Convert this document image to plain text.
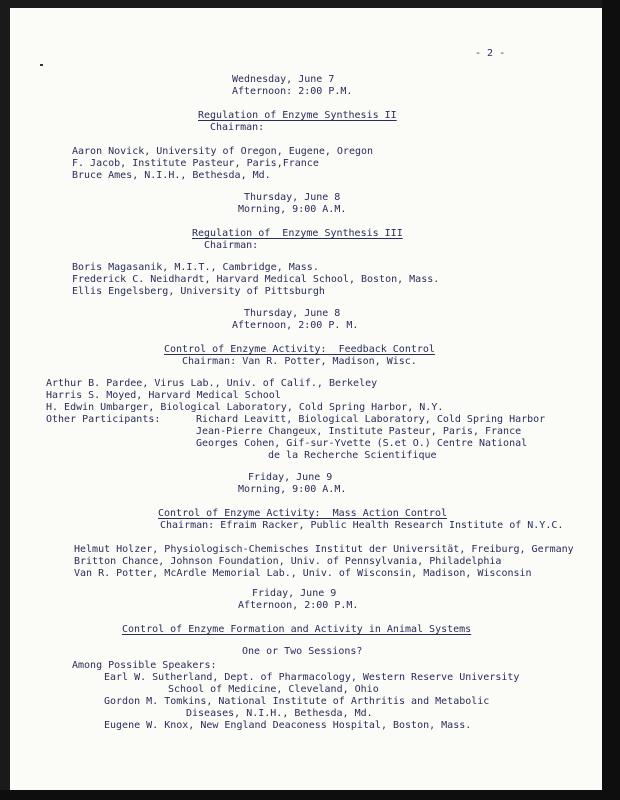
- 2 -
Wednesday, June 7
Afternoon: 2:00 P.M.
Regulation of Enzyme Synthesis II
Chairman:
Aaron Novick, University of Oregon, Eugene, Oregon
F. Jacob, Institute Pasteur, Paris,France
Bruce Ames, N.I.H., Bethesda, Md.
Thursday, June 8
Morning, 9:00 A.M.
Regulation of  Enzyme Synthesis III
Chairman:
Boris Magasanik, M.I.T., Cambridge, Mass.
Frederick C. Neidhardt, Harvard Medical School, Boston, Mass.
Ellis Engelsberg, University of Pittsburgh
Thursday, June 8
Afternoon, 2:00 P. M.
Control of Enzyme Activity:  Feedback Control
Chairman: Van R. Potter, Madison, Wisc.
Arthur B. Pardee, Virus Lab., Univ. of Calif., Berkeley
Harris S. Moyed, Harvard Medical School
H. Edwin Umbarger, Biological Laboratory, Cold Spring Harbor, N.Y.
Other Participants:	Richard Leavitt, Biological Laboratory, Cold Spring Harbor
Jean-Pierre Changeux, Institute Pasteur, Paris, France
Georges Cohen, Gif-sur-Yvette (S.et O.) Centre National
de la Recherche Scientifique
Friday, June 9
Morning, 9:00 A.M.
Control of Enzyme Activity:  Mass Action Control
Chairman: Efraim Racker, Public Health Research Institute of N.Y.C.
Helmut Holzer, Physiologisch-Chemisches Institut der Universität, Freiburg, Germany
Britton Chance, Johnson Foundation, Univ. of Pennsylvania, Philadelphia
Van R. Potter, McArdle Memorial Lab., Univ. of Wisconsin, Madison, Wisconsin
Friday, June 9
Afternoon, 2:00 P.M.
Control of Enzyme Formation and Activity in Animal Systems
One or Two Sessions?
Among Possible Speakers:
Earl W. Sutherland, Dept. of Pharmacology, Western Reserve University
School of Medicine, Cleveland, Ohio
Gordon M. Tomkins, National Institute of Arthritis and Metabolic
Diseases, N.I.H., Bethesda, Md.
Eugene W. Knox, New England Deaconess Hospital, Boston, Mass.
